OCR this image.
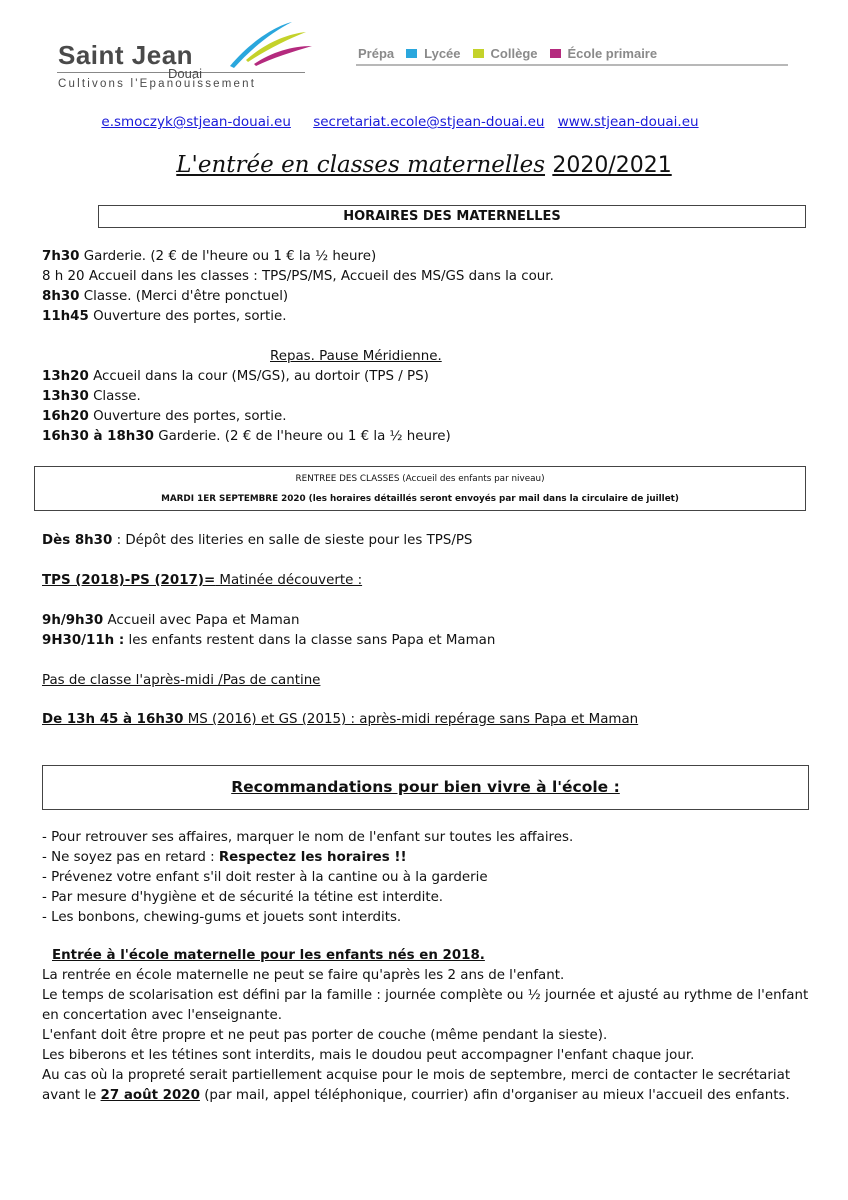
Saint Jean
Douai
Cultivons l'Epanouissement
Prépa Lycée Collège École primaire
e.smoczyk@stjean-douai.eu secretariat.ecole@stjean-douai.eu www.stjean-douai.eu
L'entrée en classes maternelles 2020/2021
HORAIRES DES MATERNELLES
7h30 Garderie. (2 € de l'heure ou 1 € la ½ heure)
8 h 20 Accueil dans les classes : TPS/PS/MS, Accueil des MS/GS dans la cour.
8h30 Classe. (Merci d'être ponctuel)
11h45 Ouverture des portes, sortie.
Repas. Pause Méridienne.
13h20 Accueil dans la cour (MS/GS), au dortoir (TPS / PS)
13h30 Classe.
16h20 Ouverture des portes, sortie.
16h30 à 18h30 Garderie. (2 € de l'heure ou 1 € la ½ heure)
RENTREE DES CLASSES (Accueil des enfants par niveau)
MARDI 1ER SEPTEMBRE 2020 (les horaires détaillés seront envoyés par mail dans la circulaire de juillet)
Dès 8h30 : Dépôt des literies en salle de sieste pour les TPS/PS
TPS (2018)-PS (2017)= Matinée découverte :
9h/9h30 Accueil avec Papa et Maman
9H30/11h : les enfants restent dans la classe sans Papa et Maman
Pas de classe l'après-midi /Pas de cantine
De 13h 45 à 16h30 MS (2016) et GS (2015) : après-midi repérage sans Papa et Maman
Recommandations pour bien vivre à l'école :
- Pour retrouver ses affaires, marquer le nom de l'enfant sur toutes les affaires.
- Ne soyez pas en retard : Respectez les horaires !!
- Prévenez votre enfant s'il doit rester à la cantine ou à la garderie
- Par mesure d'hygiène et de sécurité la tétine est interdite.
- Les bonbons, chewing-gums et jouets sont interdits.
Entrée à l'école maternelle pour les enfants nés en 2018.
La rentrée en école maternelle ne peut se faire qu'après les 2 ans de l'enfant.
Le temps de scolarisation est défini par la famille : journée complète ou ½ journée et ajusté au rythme de l'enfant
en concertation avec l'enseignante.
L'enfant doit être propre et ne peut pas porter de couche (même pendant la sieste).
Les biberons et les tétines sont interdits, mais le doudou peut accompagner l'enfant chaque jour.
Au cas où la propreté serait partiellement acquise pour le mois de septembre, merci de contacter le secrétariat
avant le 27 août 2020 (par mail, appel téléphonique, courrier) afin d'organiser au mieux l'accueil des enfants.
